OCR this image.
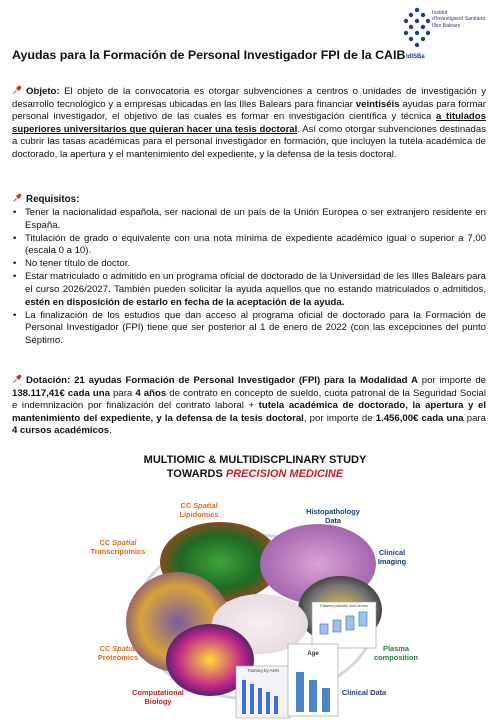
Institut
d'Investigació Sanitària
Illes Balears
IdISBa
Ayudas para la Formación de Personal Investigador FPI de la CAIB
Objeto: El objeto de la convocatoria es otorgar subvenciones a centros o unidades de investigación y desarrollo tecnológico y a empresas ubicadas en las Illes Balears para financiar veintiséis ayudas para formar personal investigador, el objetivo de las cuales es formar en investigación científica y técnica a titulados superiores universitarios que quieran hacer una tesis doctoral. Así como otorgar subvenciones destinadas a cubrir las tasas académicas para el personal investigador en formación, que incluyen la tutela académica de doctorado, la apertura y el mantenimiento del expediente, y la defensa de la tesis doctoral.
Requisitos:
• Tener la nacionalidad española, ser nacional de un país de la Unión Europea o ser extranjero residente en España.
• Titulación de grado o equivalente con una nota mínima de expediente académico igual o superior a 7,00 (escala 0 a 10).
• No tener título de doctor.
• Estar matriculado o admitido en un programa oficial de doctorado de la Universidad de les Illes Balears para el curso 2026/2027. También pueden solicitar la ayuda aquellos que no estando matriculados o admitidos, estén en disposición de estarlo en fecha de la aceptación de la ayuda.
• La finalización de los estudios que dan acceso al programa oficial de doctorado para la Formación de Personal Investigador (FPI) tiene que ser posterior al 1 de enero de 2022 (con las excepciones del punto Séptimo.
Dotación: 21 ayudas Formación de Personal Investigador (FPI) para la Modalidad A por importe de 138.117,41€ cada una para 4 años de contrato en concepto de sueldo, cuota patronal de la Seguridad Social e indemnización por finalización del contrato laboral + tutela académica de doctorado, la apertura y el mantenimiento del expediente, y la defensa de la tesis doctoral, por importe de 1.456,00€ cada una para 4 cursos académicos.
MULTIOMIC & MULTIDISCPLINARY STUDY
TOWARDS PRECISION MEDICINE
CC Spatial
Lipidomics	Histopathology
Data
CC Spatial
Transcripomics	Clinical
Imaging
CC Spatial
Proteomics
Plasma
composition
Computational
Biology
Clinical Data
Age
Plasma palmitic acid levels
Training by ANN
